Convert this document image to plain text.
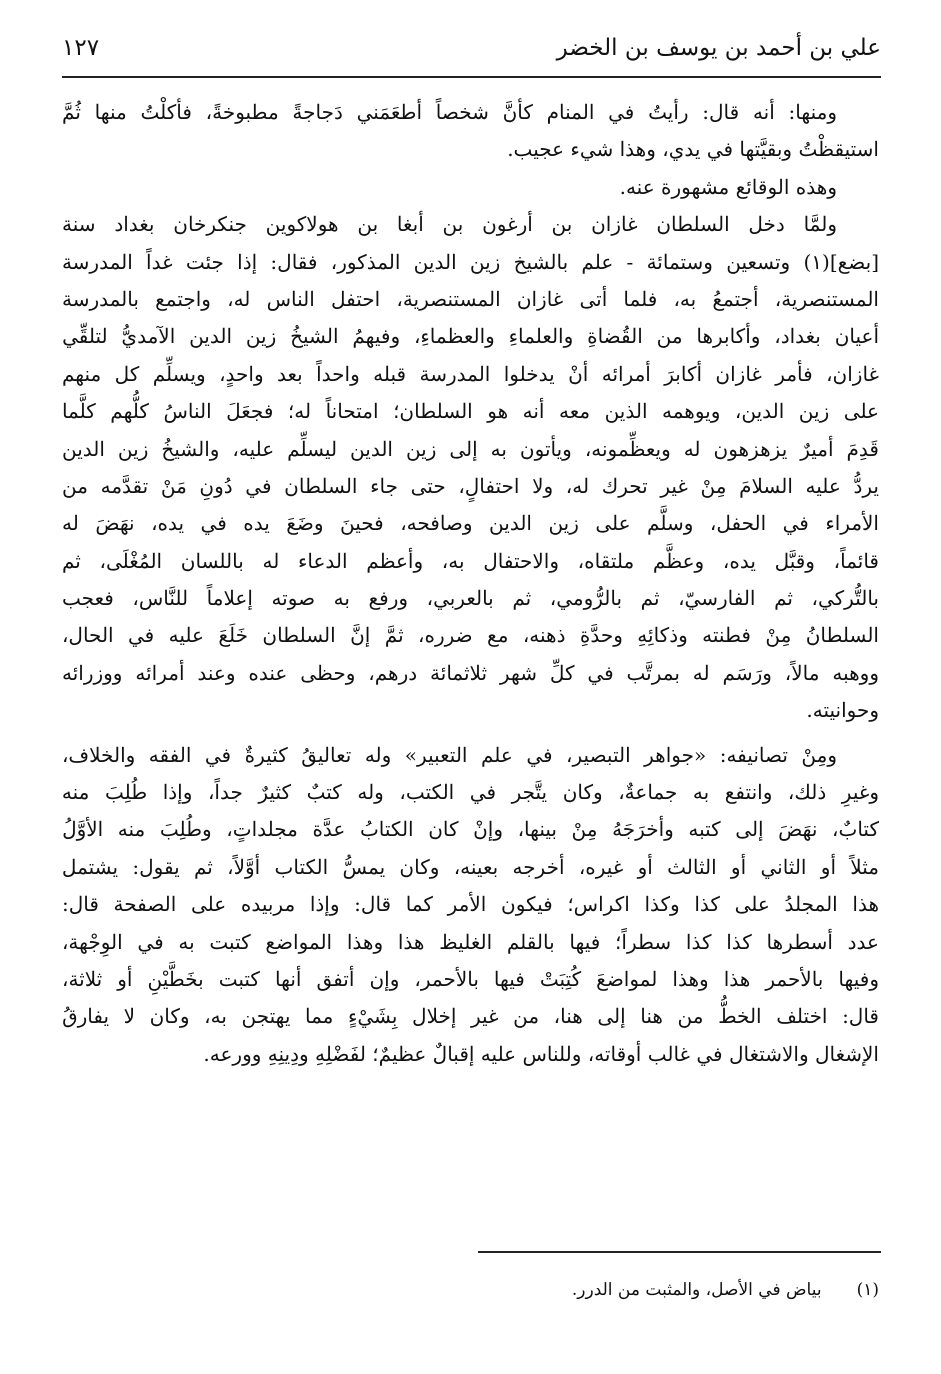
علي بن أحمد بن يوسف بن الخضر
١٢٧
ومنها: أنه قال: رأيتُ في المنام كأنَّ شخصاً أطعَمَني دَجاجةً مطبوخةً، فأكلْتُ منها ثُمَّ
استيقظْتُ وبقيَّتها في يدي، وهذا شيء عجيب.
وهذه الوقائع مشهورة عنه.
ولمَّا دخل السلطان غازان بن أرغون بن أبغا بن هولاكوين جنكرخان بغداد سنة
[بضع](١) وتسعين وستمائة - علم بالشيخ زين الدين المذكور، فقال: إذا جئت غداً المدرسة
المستنصرية، أجتمعُ به، فلما أتى غازان المستنصرية، احتفل الناس له، واجتمع بالمدرسة
أعيان بغداد، وأكابرها من القُضاةِ والعلماءِ والعظماءِ، وفيهمُ الشيخُ زين الدين الآمديُّ لتلقِّي
غازان، فأمر غازان أكابرَ أمرائه أنْ يدخلوا المدرسة قبله واحداً بعد واحدٍ، ويسلِّم كل منهم
على زين الدين، ويوهمه الذين معه أنه هو السلطان؛ امتحاناً له؛ فجعَلَ الناسُ كلُّهم كلَّما
قَدِمَ أميرٌ يزهزهون له ويعظِّمونه، ويأتون به إلى زين الدين ليسلِّم عليه، والشيخُ زين الدين
يردُّ عليه السلامَ مِنْ غير تحرك له، ولا احتفالٍ، حتى جاء السلطان في دُونِ مَنْ تقدَّمه من
الأمراء في الحفل، وسلَّم على زين الدين وصافحه، فحينَ وضَعَ يده في يده، نهَضَ له
قائماً، وقبَّل يده، وعظَّم ملتقاه، والاحتفال به، وأعظم الدعاء له باللسان المُغْلَى، ثم
بالتُّركي، ثم الفارسيّ، ثم بالرُّومي، ثم بالعربي، ورفع به صوته إعلاماً للنَّاس، فعجب
السلطانُ مِنْ فطنته وذكائِهِ وحدَّةِ ذهنه، مع ضرره، ثمَّ إنَّ السلطان خَلَعَ عليه في الحال،
ووهبه مالاً، ورَسَم له بمرتَّب في كلِّ شهر ثلاثمائة درهم، وحظى عنده وعند أمرائه ووزرائه
وحوانيته.
ومِنْ تصانيفه: «جواهر التبصير، في علم التعبير» وله تعاليقُ كثيرةٌ في الفقه والخلاف،
وغيرِ ذلك، وانتفع به جماعةٌ، وكان يتَّجر في الكتب، وله كتبٌ كثيرٌ جداً، وإذا طُلِبَ منه
كتابٌ، نهَضَ إلى كتبه وأخرَجَهُ مِنْ بينها، وإنْ كان الكتابُ عدَّة مجلداتٍ، وطُلِبَ منه الأوَّلُ
مثلاً أو الثاني أو الثالث أو غيره، أخرجه بعينه، وكان يمسُّ الكتاب أوَّلاً، ثم يقول: يشتمل
هذا المجلدُ على كذا وكذا اكراس؛ فيكون الأمر كما قال: وإذا مربيده على الصفحة قال:
عدد أسطرها كذا كذا سطراً؛ فيها بالقلم الغليظ هذا وهذا المواضع كتبت به في الوِجْهة،
وفيها بالأحمر هذا وهذا لمواضعَ كُتِبَتْ فيها بالأحمر، وإن أتفق أنها كتبت بخَطَّيْنِ أو ثلاثة،
قال: اختلف الخطُّ من هنا إلى هنا، من غير إخلال بِشَيْءٍ مما يهتجن به، وكان لا يفارقُ
الإشغال والاشتغال في غالب أوقاته، وللناس عليه إقبالٌ عظيمٌ؛ لفَضْلِهِ ودِينِهِ وورعه.
(١) بياض في الأصل، والمثبت من الدرر.
